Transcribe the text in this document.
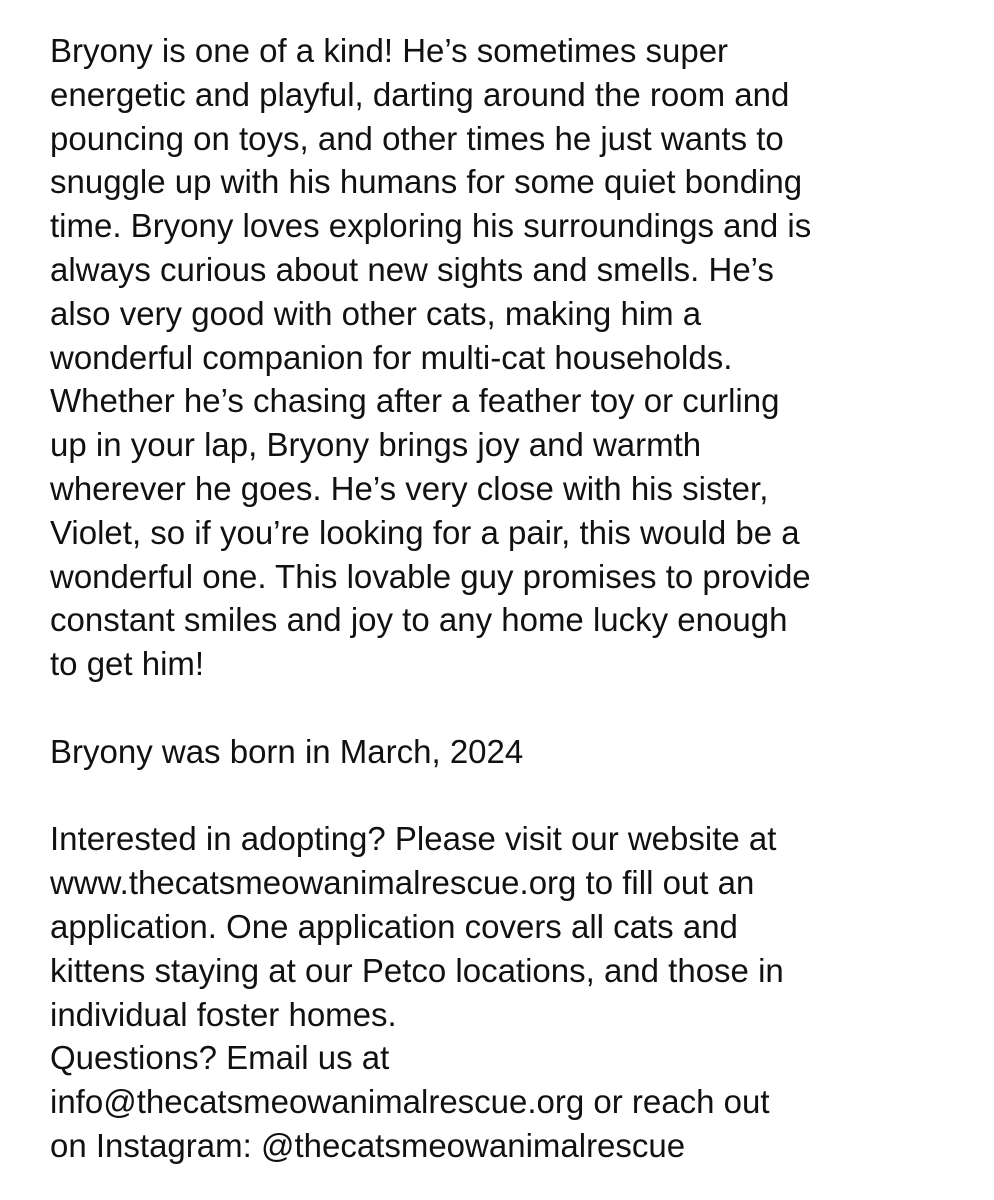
Bryony is one of a kind! He’s sometimes super
energetic and playful, darting around the room and
pouncing on toys, and other times he just wants to
snuggle up with his humans for some quiet bonding
time. Bryony loves exploring his surroundings and is
always curious about new sights and smells. He’s
also very good with other cats, making him a
wonderful companion for multi-cat households.
Whether he’s chasing after a feather toy or curling
up in your lap, Bryony brings joy and warmth
wherever he goes. He’s very close with his sister,
Violet, so if you’re looking for a pair, this would be a
wonderful one. This lovable guy promises to provide
constant smiles and joy to any home lucky enough
to get him!

Bryony was born in March, 2024

Interested in adopting? Please visit our website at
www.thecatsmeowanimalrescue.org to fill out an
application. One application covers all cats and
kittens staying at our Petco locations, and those in
individual foster homes.
Questions? Email us at
info@thecatsmeowanimalrescue.org or reach out
on Instagram: @thecatsmeowanimalrescue
